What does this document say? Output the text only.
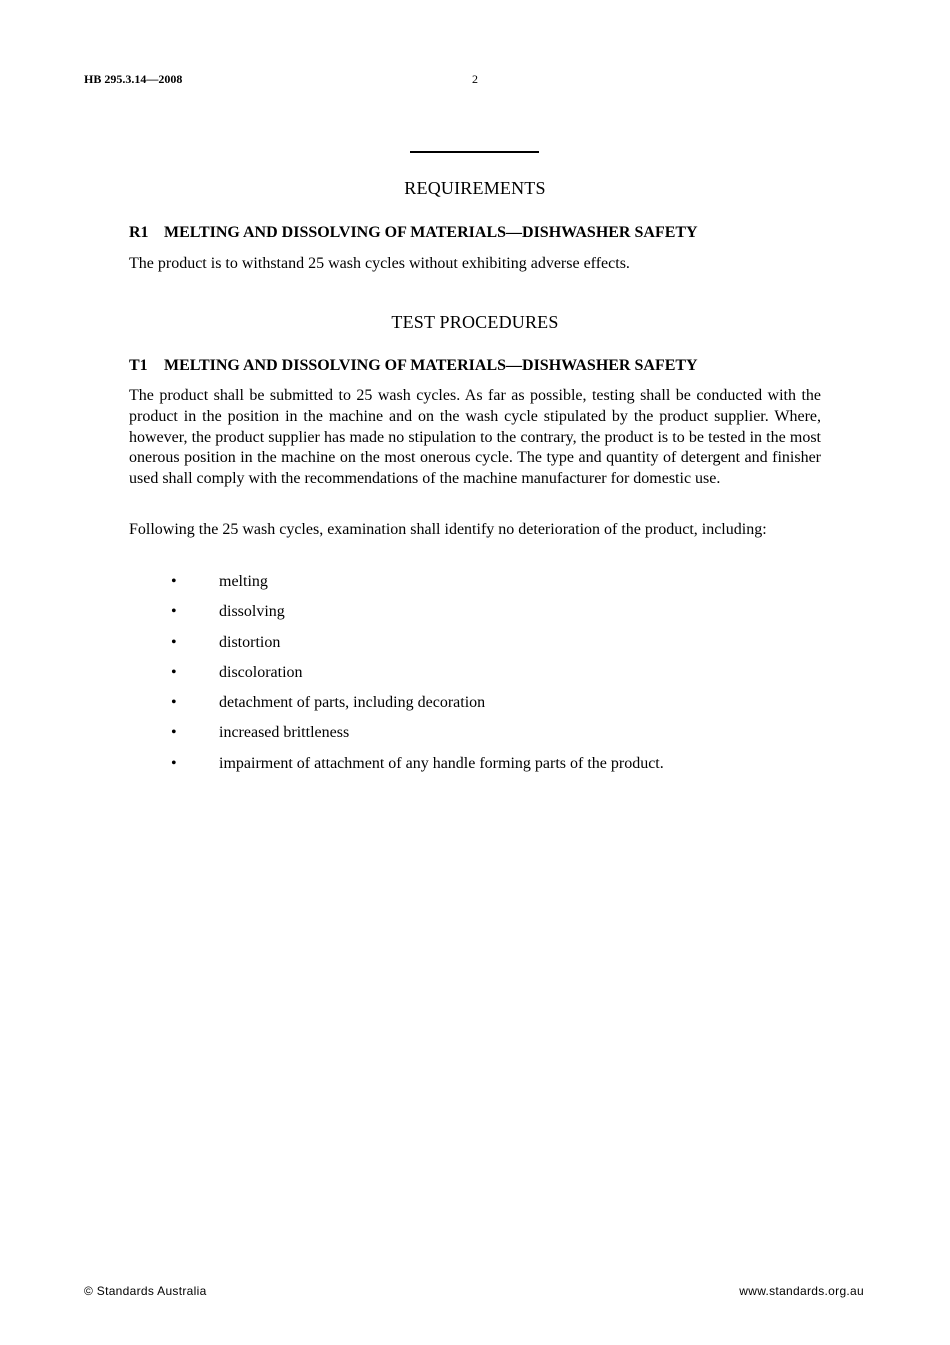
HB 295.3.14—2008	2
REQUIREMENTS
R1 MELTING AND DISSOLVING OF MATERIALS—DISHWASHER SAFETY

The product is to withstand 25 wash cycles without exhibiting adverse effects.

TEST PROCEDURES
T1 MELTING AND DISSOLVING OF MATERIALS—DISHWASHER SAFETY

The product shall be submitted to 25 wash cycles. As far as possible, testing shall be conducted with the product in the position in the machine and on the wash cycle stipulated by the product supplier. Where, however, the product supplier has made no stipulation to the contrary, the product is to be tested in the most onerous position in the machine on the most onerous cycle. The type and quantity of detergent and finisher used shall comply with the recommendations of the machine manufacturer for domestic use.

Following the 25 wash cycles, examination shall identify no deterioration of the product, including:

•	melting
•	dissolving
•	distortion
•	discoloration
•	detachment of parts, including decoration
•	increased brittleness
•	impairment of attachment of any handle forming parts of the product.
© Standards Australia	www.standards.org.au
